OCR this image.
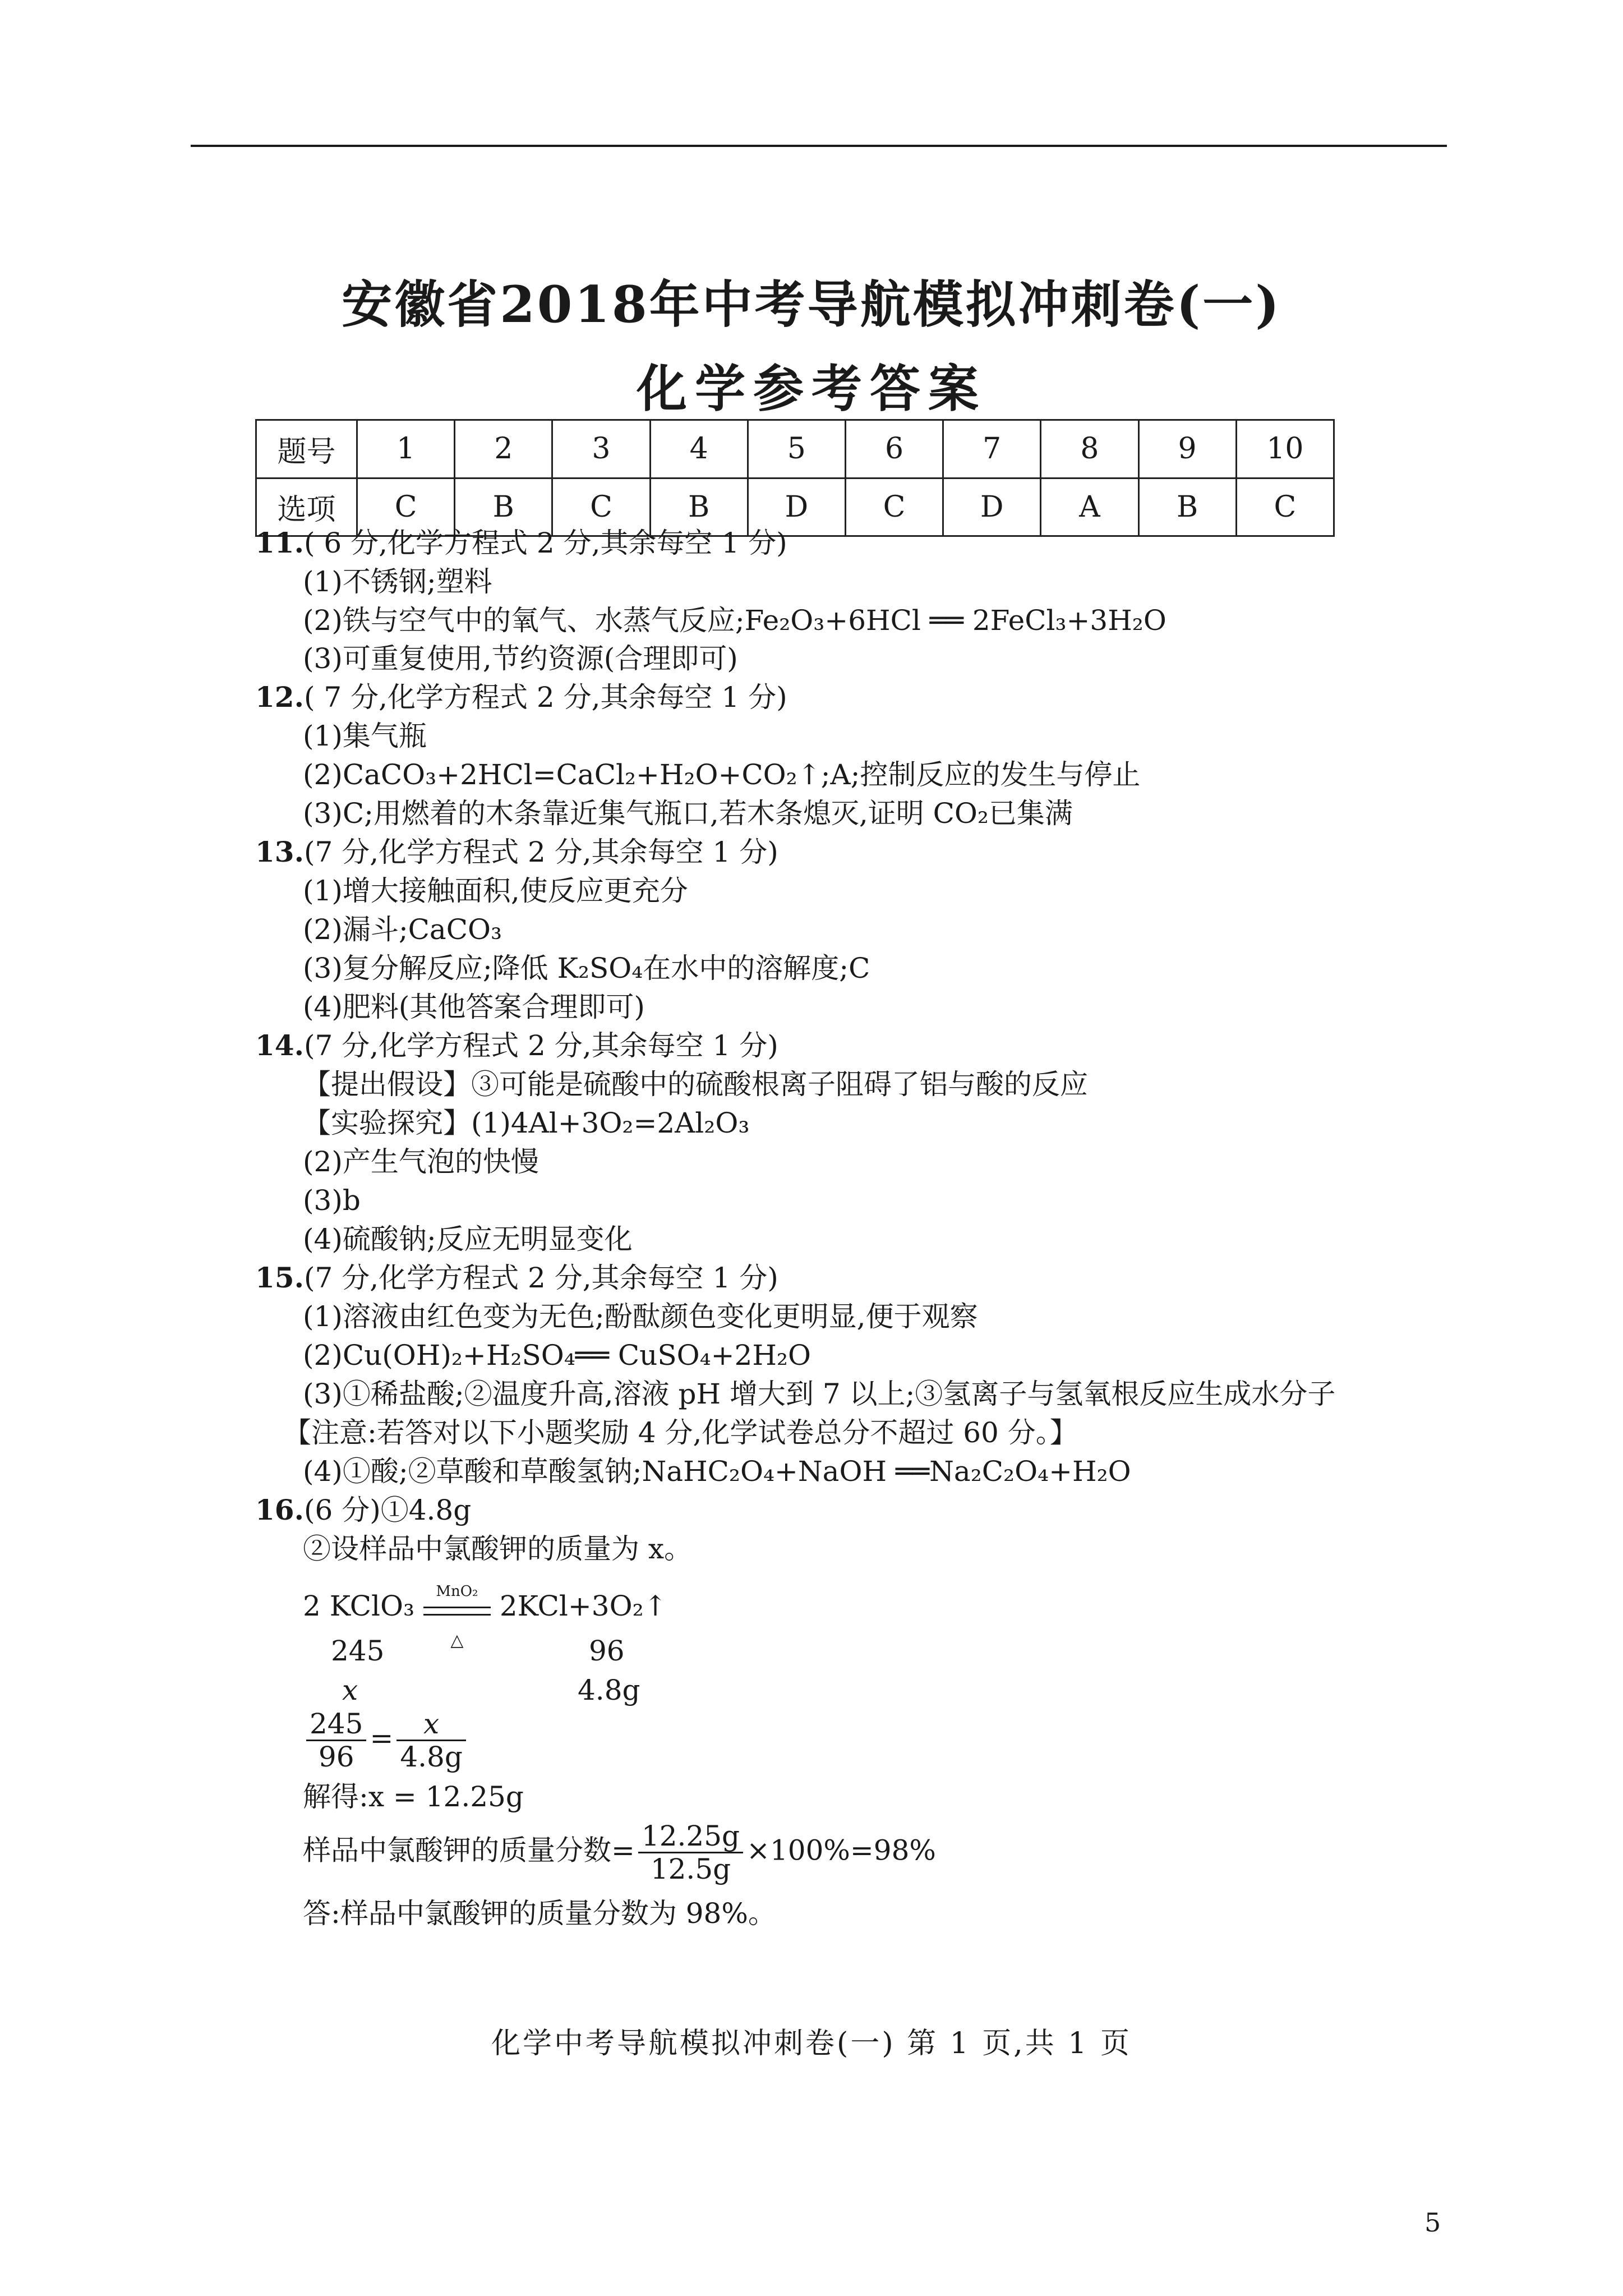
安徽省2018年中考导航模拟冲刺卷(一)
化学参考答案
题号	1	2	3	4	5	6	7	8	9	10
选项	C	B	C	B	D	C	D	A	B	C
11.( 6 分,化学方程式 2 分,其余每空 1 分)
(1)不锈钢;塑料
(2)铁与空气中的氧气、水蒸气反应;Fe₂O₃+6HCl ══ 2FeCl₃+3H₂O
(3)可重复使用,节约资源(合理即可)
12.( 7 分,化学方程式 2 分,其余每空 1 分)
(1)集气瓶
(2)CaCO₃+2HCl=CaCl₂+H₂O+CO₂↑;A;控制反应的发生与停止
(3)C;用燃着的木条靠近集气瓶口,若木条熄灭,证明 CO₂已集满
13.(7 分,化学方程式 2 分,其余每空 1 分)
(1)增大接触面积,使反应更充分
(2)漏斗;CaCO₃
(3)复分解反应;降低 K₂SO₄在水中的溶解度;C
(4)肥料(其他答案合理即可)
14.(7 分,化学方程式 2 分,其余每空 1 分)
【提出假设】③可能是硫酸中的硫酸根离子阻碍了铝与酸的反应
【实验探究】(1)4Al+3O₂=2Al₂O₃
(2)产生气泡的快慢
(3)b
(4)硫酸钠;反应无明显变化
15.(7 分,化学方程式 2 分,其余每空 1 分)
(1)溶液由红色变为无色;酚酞颜色变化更明显,便于观察
(2)Cu(OH)₂+H₂SO₄══ CuSO₄+2H₂O
(3)①稀盐酸;②温度升高,溶液 pH 增大到 7 以上;③氢离子与氢氧根反应生成水分子
【注意:若答对以下小题奖励 4 分,化学试卷总分不超过 60 分。】
(4)①酸;②草酸和草酸氢钠;NaHC₂O₄+NaOH ══Na₂C₂O₄+H₂O
16.(6 分)①4.8g
②设样品中氯酸钾的质量为 x。
2 KClO₃	MnO₂
△
2KCl+3O₂↑
245	96
x	4.8g
$\frac{245}{96} = \frac{x}{4.8g}$
解得:x = 12.25g
样品中氯酸钾的质量分数= $\frac{12.25g}{12.5g} \times 100\%=98\%$
答:样品中氯酸钾的质量分数为 98%。
化学中考导航模拟冲刺卷(一) 第 1 页,共 1 页
5
